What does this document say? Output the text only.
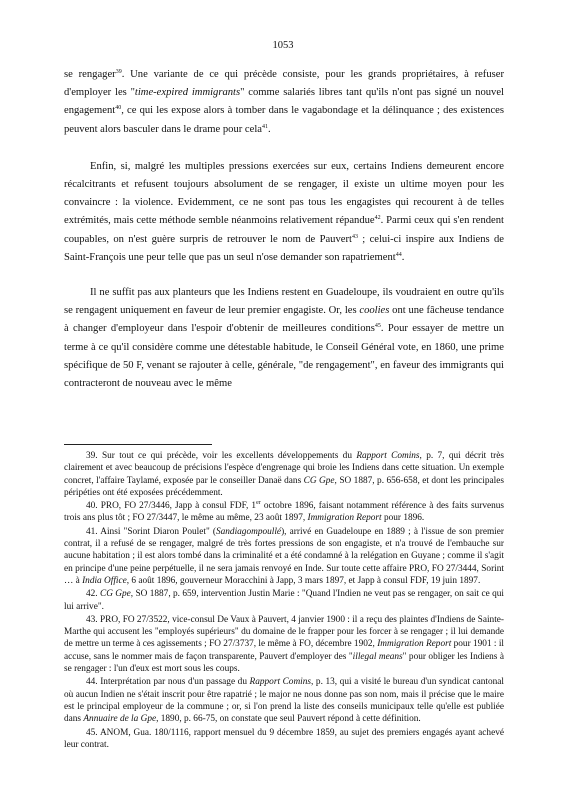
1053

se rengager$^{39}$. Une variante de ce qui précède consiste, pour les grands propriétaires, à refuser d'employer les "time-expired immigrants" comme salariés libres tant qu'ils n'ont pas signé un nouvel engagement$^{40}$, ce qui les expose alors à tomber dans le vagabondage et la délinquance ; des existences peuvent alors basculer dans le drame pour cela$^{41}$.

Enfin, si, malgré les multiples pressions exercées sur eux, certains Indiens demeurent encore récalcitrants et refusent toujours absolument de se rengager, il existe un ultime moyen pour les convaincre : la violence. Evidemment, ce ne sont pas tous les engagistes qui recourent à de telles extrémités, mais cette méthode semble néanmoins relativement répandue$^{42}$. Parmi ceux qui s'en rendent coupables, on n'est guère surpris de retrouver le nom de Pauvert$^{43}$ ; celui-ci inspire aux Indiens de Saint-François une peur telle que pas un seul n'ose demander son rapatriement$^{44}$.

Il ne suffit pas aux planteurs que les Indiens restent en Guadeloupe, ils voudraient en outre qu'ils se rengagent uniquement en faveur de leur premier engagiste. Or, les coolies ont une fâcheuse tendance à changer d'employeur dans l'espoir d'obtenir de meilleures conditions$^{45}$. Pour essayer de mettre un terme à ce qu'il considère comme une détestable habitude, le Conseil Général vote, en 1860, une prime spécifique de 50 F, venant se rajouter à celle, générale, "de rengagement", en faveur des immigrants qui contracteront de nouveau avec le même

39. Sur tout ce qui précède, voir les excellents développements du Rapport Comins, p. 7, qui décrit très clairement et avec beaucoup de précisions l'espèce d'engrenage qui broie les Indiens dans cette situation. Un exemple concret, l'affaire Taylamé, exposée par le conseiller Danaë dans CG Gpe, SO 1887, p. 656-658, et dont les principales péripéties ont été exposées précédemment.

40. PRO, FO 27/3446, Japp à consul FDF, 1er octobre 1896, faisant notamment référence à des faits survenus trois ans plus tôt ; FO 27/3447, le même au même, 23 août 1897, Immigration Report pour 1896.

41. Ainsi "Sorint Diaron Poulet" (Sandiagompoullé), arrivé en Guadeloupe en 1889 ; à l'issue de son premier contrat, il a refusé de se rengager, malgré de très fortes pressions de son engagiste, et n'a trouvé de l'embauche sur aucune habitation ; il est alors tombé dans la criminalité et a été condamné à la relégation en Guyane ; comme il s'agit en principe d'une peine perpétuelle, il ne sera jamais renvoyé en Inde. Sur toute cette affaire PRO, FO 27/3444, Sorint … à India Office, 6 août 1896, gouverneur Moracchini à Japp, 3 mars 1897, et Japp à consul FDF, 19 juin 1897.

42. CG Gpe, SO 1887, p. 659, intervention Justin Marie : "Quand l'Indien ne veut pas se rengager, on sait ce qui lui arrive".

43. PRO, FO 27/3522, vice-consul De Vaux à Pauvert, 4 janvier 1900 : il a reçu des plaintes d'Indiens de Sainte-Marthe qui accusent les "employés supérieurs" du domaine de le frapper pour les forcer à se rengager ; il lui demande de mettre un terme à ces agissements ; FO 27/3737, le même à FO, décembre 1902, Immigration Report pour 1901 : il accuse, sans le nommer mais de façon transparente, Pauvert d'employer des "illegal means" pour obliger les Indiens à se rengager : l'un d'eux est mort sous les coups.

44. Interprétation par nous d'un passage du Rapport Comins, p. 13, qui a visité le bureau d'un syndicat cantonal où aucun Indien ne s'était inscrit pour être rapatrié ; le major ne nous donne pas son nom, mais il précise que le maire est le principal employeur de la commune ; or, si l'on prend la liste des conseils municipaux telle qu'elle est publiée dans Annuaire de la Gpe, 1890, p. 66-75, on constate que seul Pauvert répond à cette définition.

45. ANOM, Gua. 180/1116, rapport mensuel du 9 décembre 1859, au sujet des premiers engagés ayant achevé leur contrat.
